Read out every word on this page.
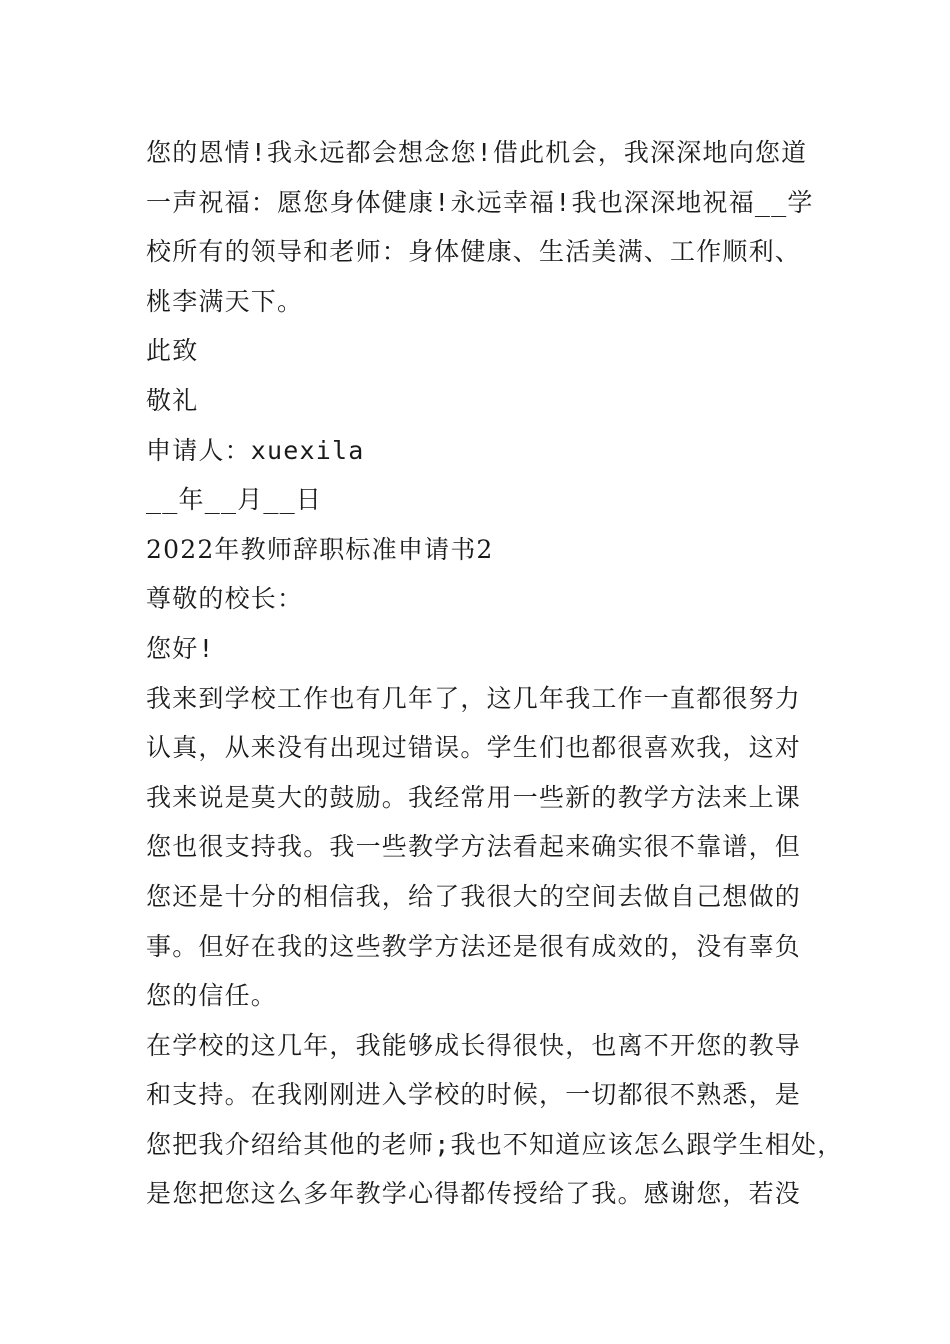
您的恩情!我永远都会想念您!借此机会，我深深地向您道
一声祝福：愿您身体健康!永远幸福!我也深深地祝福__学
校所有的领导和老师：身体健康、生活美满、工作顺利、
桃李满天下。
此致
敬礼
申请人：xuexila
__年__月__日
2022年教师辞职标准申请书2
尊敬的校长：
您好!
我来到学校工作也有几年了，这几年我工作一直都很努力
认真，从来没有出现过错误。学生们也都很喜欢我，这对
我来说是莫大的鼓励。我经常用一些新的教学方法来上课
您也很支持我。我一些教学方法看起来确实很不靠谱，但
您还是十分的相信我，给了我很大的空间去做自己想做的
事。但好在我的这些教学方法还是很有成效的，没有辜负
您的信任。
在学校的这几年，我能够成长得很快，也离不开您的教导
和支持。在我刚刚进入学校的时候，一切都很不熟悉，是
您把我介绍给其他的老师;我也不知道应该怎么跟学生相处，
是您把您这么多年教学心得都传授给了我。感谢您，若没
